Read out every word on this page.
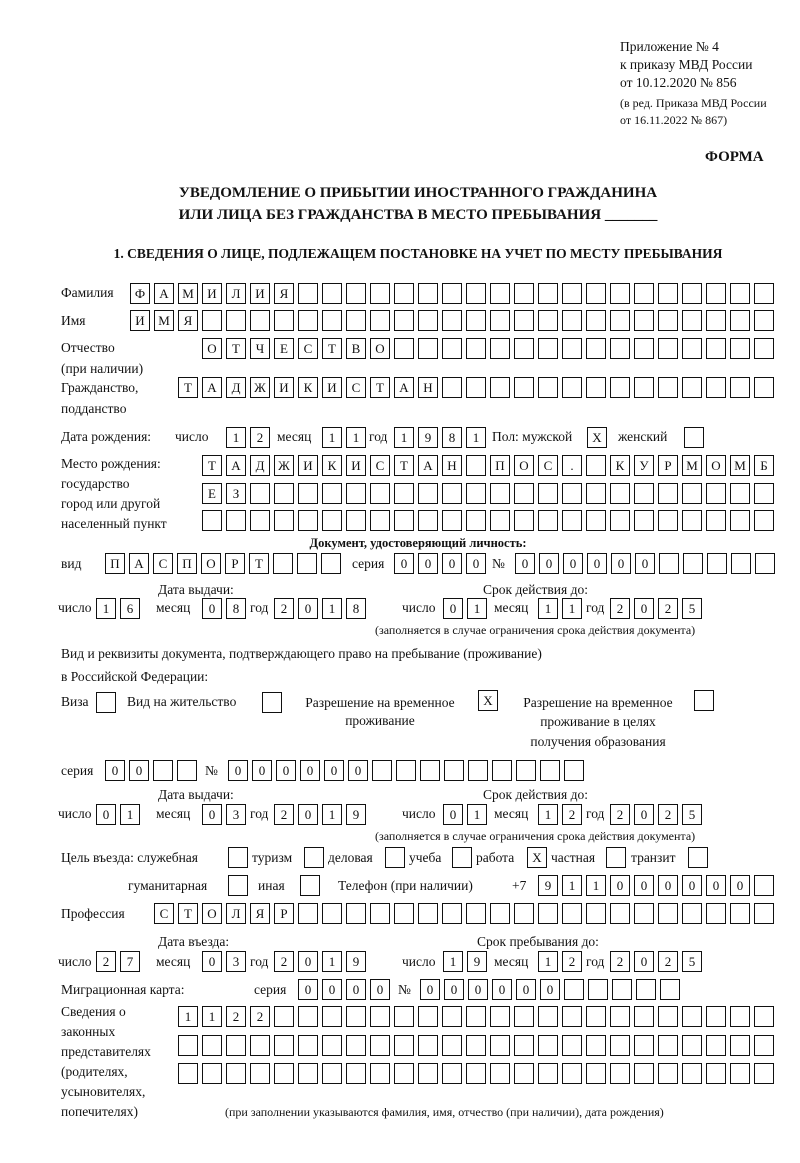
Приложение № 4
к приказу МВД России
от 10.12.2020 № 856
(в ред. Приказа МВД России
от 16.11.2022 № 867)
ФОРМА
УВЕДОМЛЕНИЕ О ПРИБЫТИИ ИНОСТРАННОГО ГРАЖДАНИНА
ИЛИ ЛИЦА БЕЗ ГРАЖДАНСТВА В МЕСТО ПРЕБЫВАНИЯ _______
1. СВЕДЕНИЯ О ЛИЦЕ, ПОДЛЕЖАЩЕМ ПОСТАНОВКЕ НА УЧЕТ ПО МЕСТУ ПРЕБЫВАНИЯ
Фамилия	Ф	А	М	И	Л	И	Я
Имя	И	М	Я
Отчество
(при наличии)
О	Т	Ч	Е	С	Т	В	О
Гражданство,
подданство
Т	А	Д	Ж	И	К	И	С	Т	А	Н
Дата рождения: число	1	2	месяц	1	1 год	1	9	8	1 Пол: мужской	X	женский
Место рождения:
государство
город или другой
населенный пункт
Т	А	Д	Ж	И	К	И	С	Т	А	Н	П	О	С	.	К	У	Р	М	О	М	Б
Е	З
Документ, удостоверяющий личность:
вид	П	А	С	П	О	Р	Т	серия	0	0	0	0 №	0	0	0	0	0	0
Дата выдачи:	Срок действия до:
число 1	6	месяц	0	8 год 2	0	1	8	число	0	1	месяц	1	1 год 2	0	2	5
(заполняется в случае ограничения срока действия документа)
Вид и реквизиты документа, подтверждающего право на пребывание (проживание)
в Российской Федерации:
Виза	Вид на жительство	Разрешение на временное
проживание
X	Разрешение на временное
проживание в целях
получения образования
серия	0	0	№	0	0	0	0	0	0
Дата выдачи:	Срок действия до:
число 0	1	месяц	0	3 год 2	0	1	9	число	0	1	месяц	1	2 год 2	0	2	5
(заполняется в случае ограничения срока действия документа)
Цель въезда: служебная	туризм	деловая	учеба	работа	X частная	транзит
гуманитарная	иная	Телефон (при наличии)	+7	9	1	1	0	0	0	0	0	0
Профессия	С	Т	О	Л	Я	Р
Дата въезда:	Срок пребывания до:
число 2	7	месяц	0	3 год 2	0	1	9	число	1	9	месяц	1	2 год 2	0	2	5
Миграционная карта:	серия	0	0	0	0	№	0	0	0	0	0	0
Сведения о
законных
представителях
(родителях,
усыновителях,
попечителях)
1	1	2	2
(при заполнении указываются фамилия, имя, отчество (при наличии), дата рождения)
